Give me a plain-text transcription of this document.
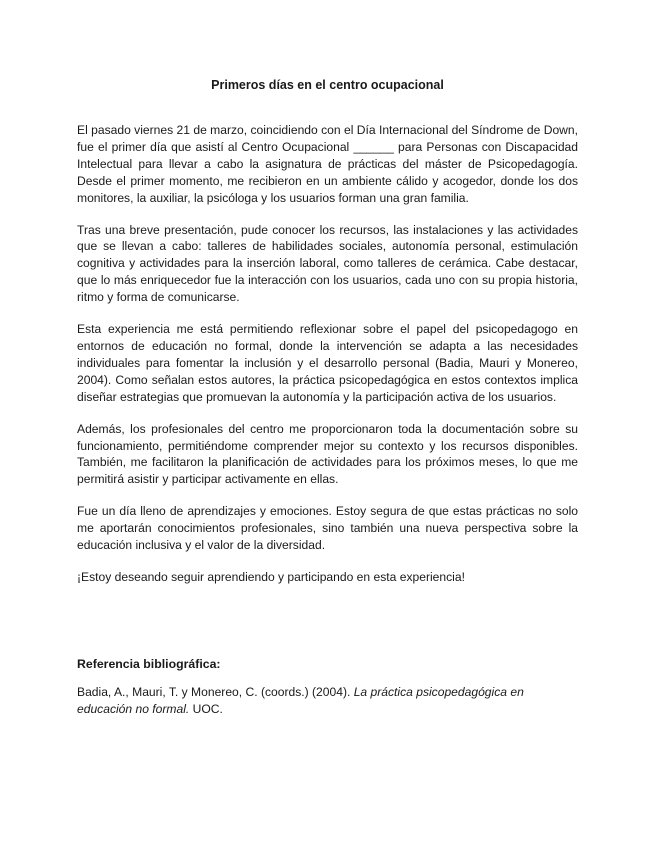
Primeros días en el centro ocupacional

El pasado viernes 21 de marzo, coincidiendo con el Día Internacional del Síndrome de Down, fue el primer día que asistí al Centro Ocupacional ______ para Personas con Discapacidad Intelectual para llevar a cabo la asignatura de prácticas del máster de Psicopedagogía. Desde el primer momento, me recibieron en un ambiente cálido y acogedor, donde los dos monitores, la auxiliar, la psicóloga y los usuarios forman una gran familia.

Tras una breve presentación, pude conocer los recursos, las instalaciones y las actividades que se llevan a cabo: talleres de habilidades sociales, autonomía personal, estimulación cognitiva y actividades para la inserción laboral, como talleres de cerámica. Cabe destacar, que lo más enriquecedor fue la interacción con los usuarios, cada uno con su propia historia, ritmo y forma de comunicarse.

Esta experiencia me está permitiendo reflexionar sobre el papel del psicopedagogo en entornos de educación no formal, donde la intervención se adapta a las necesidades individuales para fomentar la inclusión y el desarrollo personal (Badia, Mauri y Monereo, 2004). Como señalan estos autores, la práctica psicopedagógica en estos contextos implica diseñar estrategias que promuevan la autonomía y la participación activa de los usuarios.

Además, los profesionales del centro me proporcionaron toda la documentación sobre su funcionamiento, permitiéndome comprender mejor su contexto y los recursos disponibles. También, me facilitaron la planificación de actividades para los próximos meses, lo que me permitirá asistir y participar activamente en ellas.

Fue un día lleno de aprendizajes y emociones. Estoy segura de que estas prácticas no solo me aportarán conocimientos profesionales, sino también una nueva perspectiva sobre la educación inclusiva y el valor de la diversidad.

¡Estoy deseando seguir aprendiendo y participando en esta experiencia!

Referencia bibliográfica:

Badia, A., Mauri, T. y Monereo, C. (coords.) (2004). La práctica psicopedagógica en educación no formal. UOC.
